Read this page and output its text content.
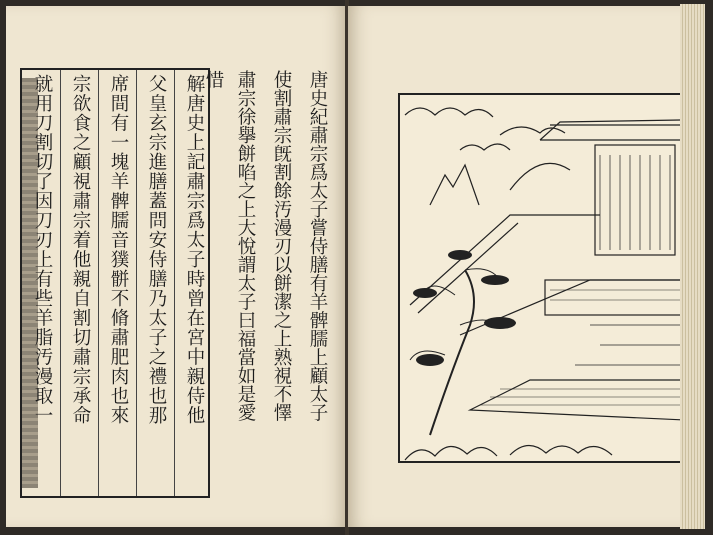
解唐史上記肅宗爲太子時曾在宮中親侍他
父皇玄宗進膳蓋問安侍膳乃太子之禮也那
席間有一塊羊髀臑音獛骿不脩肅肥肉也來
宗欲食之顧視肅宗着他親自割切肅宗承命
就用刀割切了因刀刃上有些羊脂汚漫取一	唐史紀肅宗爲太子嘗侍膳有羊髀臑上顧太子
使割肅宗旣割餘汚漫刃以餅潔之上熟視不懌
肅宗徐擧餅啗之上大悅謂太子曰福當如是愛
惜
